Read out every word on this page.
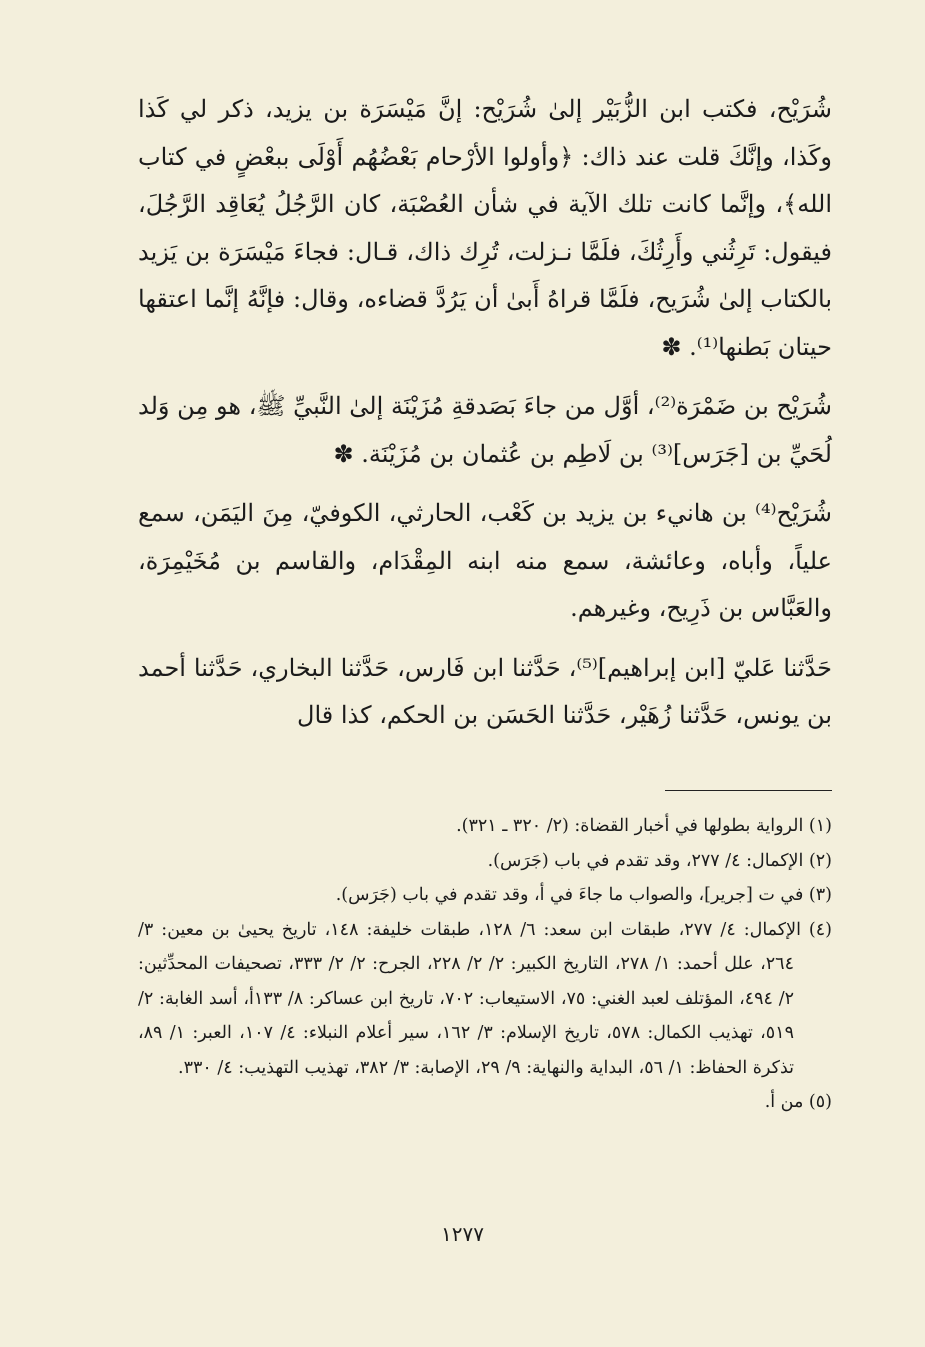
شُرَيْح، فكتب ابن الزُّبَيْر إلىٰ شُرَيْح: إنَّ مَيْسَرَة بن يزيد، ذكر لي كَذا وكَذا، وإنَّكَ قلت عند ذاك: ﴿وأولوا الأرْحام بَعْضُهُم أَوْلَى ببعْضٍ في كتاب الله﴾، وإنَّما كانت تلك الآية في شأن العُصْبَة، كان الرَّجُلُ يُعَاقِد الرَّجُلَ، فيقول: تَرِثُني وأَرِثُكَ، فلَمَّا نـزلت، تُرِك ذاك، قـال: فجاءَ مَيْسَرَة بن يَزيد بالكتاب إلىٰ شُرَيح، فلَمَّا قراهُ أَبىٰ أن يَرُدَّ قضاءه، وقال: فإنَّهُ إنَّما اعتقها حيتان بَطنها⁽¹⁾. ✽

شُرَيْح بن ضَمْرَة⁽²⁾، أوَّل من جاءَ بَصَدقةِ مُزَيْنَة إلىٰ النَّبيِّ ﷺ، هو مِن وَلد لُحَيِّ بن [جَرَس]⁽³⁾ بن لَاطِم بن عُثمان بن مُزَيْنَة. ✽

شُرَيْح⁽⁴⁾ بن هانيء بن يزيد بن كَعْب، الحارثي، الكوفيّ، مِنَ اليَمَن، سمع علياً، وأباه، وعائشة، سمع منه ابنه المِقْدَام، والقاسم بن مُخَيْمِرَة، والعَبَّاس بن ذَرِيح، وغيرهم.

حَدَّثنا عَليّ [ابن إبراهيم]⁽⁵⁾، حَدَّثنا ابن فَارس، حَدَّثنا البخاري، حَدَّثنا أحمد بن يونس، حَدَّثنا زُهَيْر، حَدَّثنا الحَسَن بن الحكم، كذا قال

(١) الرواية بطولها في أخبار القضاة: (٢/ ٣٢٠ ـ ٣٢١).

(٢) الإكمال: ٤/ ٢٧٧، وقد تقدم في باب (جَرَس).

(٣) في ت [جرير]، والصواب ما جاءَ في أ، وقد تقدم في باب (جَرَس).

(٤) الإكمال: ٤/ ٢٧٧، طبقات ابن سعد: ٦/ ١٢٨، طبقات خليفة: ١٤٨، تاريخ يحيىٰ بن معين: ٣/ ٢٦٤، علل أحمد: ١/ ٢٧٨، التاريخ الكبير: ٢/ ٢/ ٢٢٨، الجرح: ٢/ ٢/ ٣٣٣، تصحيفات المحدِّثين: ٢/ ٤٩٤، المؤتلف لعبد الغني: ٧٥، الاستيعاب: ٧٠٢، تاريخ ابن عساكر: ٨/ ١٣٣أ، أسد الغابة: ٢/ ٥١٩، تهذيب الكمال: ٥٧٨، تاريخ الإسلام: ٣/ ١٦٢، سير أعلام النبلاء: ٤/ ١٠٧، العبر: ١/ ٨٩، تذكرة الحفاظ: ١/ ٥٦، البداية والنهاية: ٩/ ٢٩، الإصابة: ٣/ ٣٨٢، تهذيب التهذيب: ٤/ ٣٣٠.

(٥) من أ.

١٢٧٧
